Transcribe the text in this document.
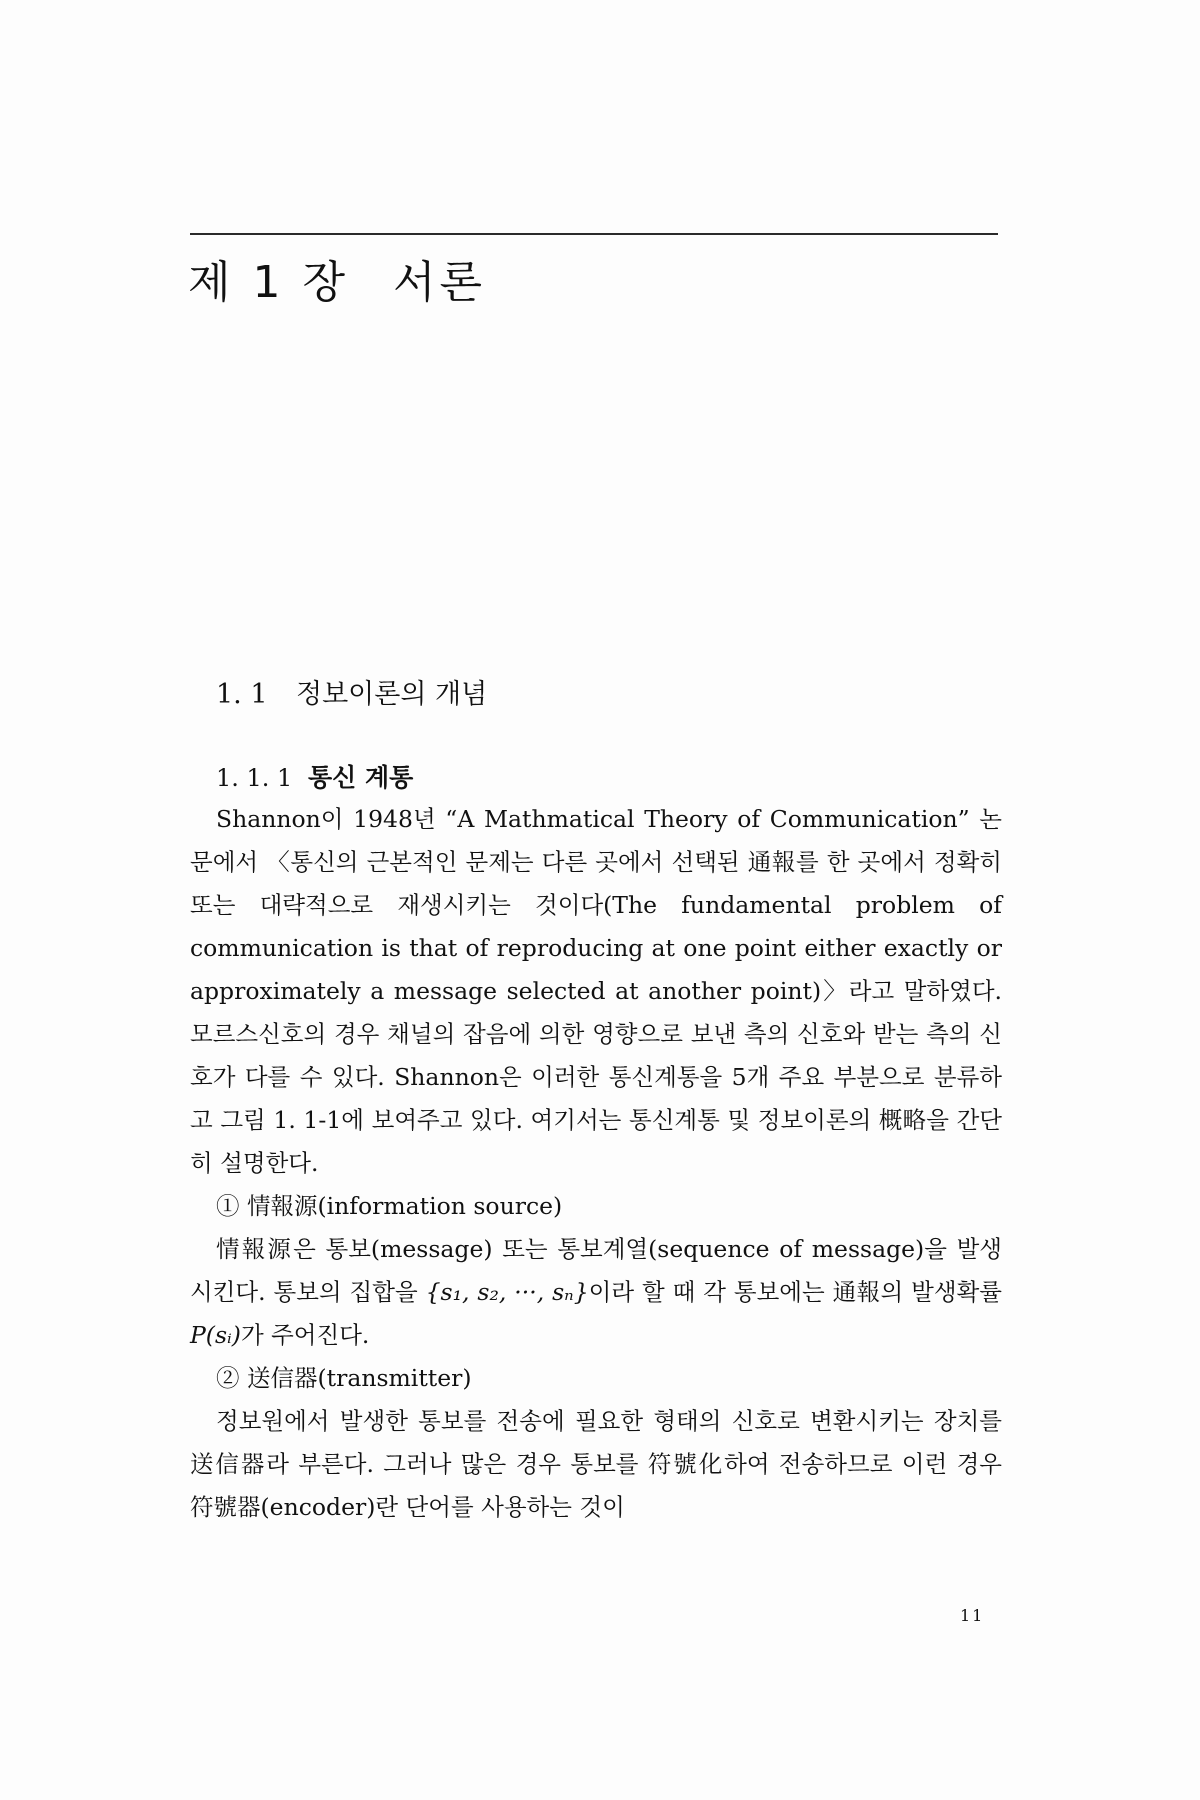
제 1 장 서론
1. 1 정보이론의 개념
1. 1. 1 통신 계통

Shannon이 1948년 “A Mathmatical Theory of Communication” 논문에서 〈통신의 근본적인 문제는 다른 곳에서 선택된 通報를 한 곳에서 정확히 또는 대략적으로 재생시키는 것이다(The fundamental problem of communication is that of reproducing at one point either exactly or approximately a message selected at another point)〉라고 말하였다. 모르스신호의 경우 채널의 잡음에 의한 영향으로 보낸 측의 신호와 받는 측의 신호가 다를 수 있다. Shannon은 이러한 통신계통을 5개 주요 부분으로 분류하고 그림 1. 1-1에 보여주고 있다. 여기서는 통신계통 및 정보이론의 概略을 간단히 설명한다.

① 情報源(information source)

情報源은 통보(message) 또는 통보계열(sequence of message)을 발생시킨다. 통보의 집합을 {s₁, s₂, ···, sₙ}이라 할 때 각 통보에는 通報의 발생확률 P(sᵢ)가 주어진다.

② 送信器(transmitter)

정보원에서 발생한 통보를 전송에 필요한 형태의 신호로 변환시키는 장치를 送信器라 부른다. 그러나 많은 경우 통보를 符號化하여 전송하므로 이런 경우 符號器(encoder)란 단어를 사용하는 것이

11
